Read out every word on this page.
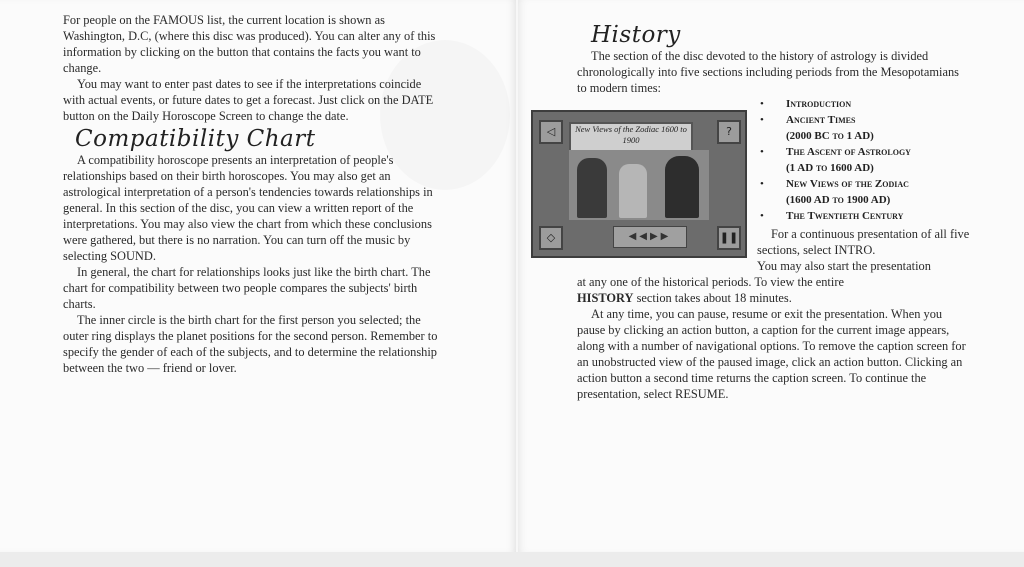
For people on the FAMOUS list, the current location is shown as Washington, D.C, (where this disc was produced). You can alter any of this information by clicking on the button that contains the facts you want to change.

You may want to enter past dates to see if the interpretations coincide with actual events, or future dates to get a forecast. Just click on the DATE button on the Daily Horoscope Screen to change the date.

Compatibility Chart

A compatibility horoscope presents an interpretation of people's relationships based on their birth horoscopes. You may also get an astrological interpretation of a person's tendencies towards relationships in general. In this section of the disc, you can view a written report of the interpretations. You may also view the chart from which these conclusions were gathered, but there is no narration. You can turn off the music by selecting SOUND.

In general, the chart for relationships looks just like the birth chart. The chart for compatibility between two people compares the subjects' birth charts.

The inner circle is the birth chart for the first person you selected; the outer ring displays the planet positions for the second person. Remember to specify the gender of each of the subjects, and to determine the relationship between the two — friend or lover.

History

The section of the disc devoted to the history of astrology is divided chronologically into five sections including periods from the Mesopotamians to modern times:

◁	?
New Views of the Zodiac 1600 to 1900
◇	◀◀▶▶	❚❚
• Introduction
• Ancient Times
(2000 BC to 1 AD)
• The Ascent of Astrology
(1 AD to 1600 AD)
• New Views of the Zodiac
(1600 AD to 1900 AD)
• The Twentieth Century

For a continuous presentation of all five sections, select INTRO.

You may also start the presentation

at any one of the historical periods. To view the entire

HISTORY section takes about 18 minutes.

At any time, you can pause, resume or exit the presentation. When you pause by clicking an action button, a caption for the current image appears, along with a number of navigational options. To remove the caption screen for an unobstructed view of the paused image, click an action button. Clicking an action button a second time returns the caption screen. To continue the presentation, select RESUME.
